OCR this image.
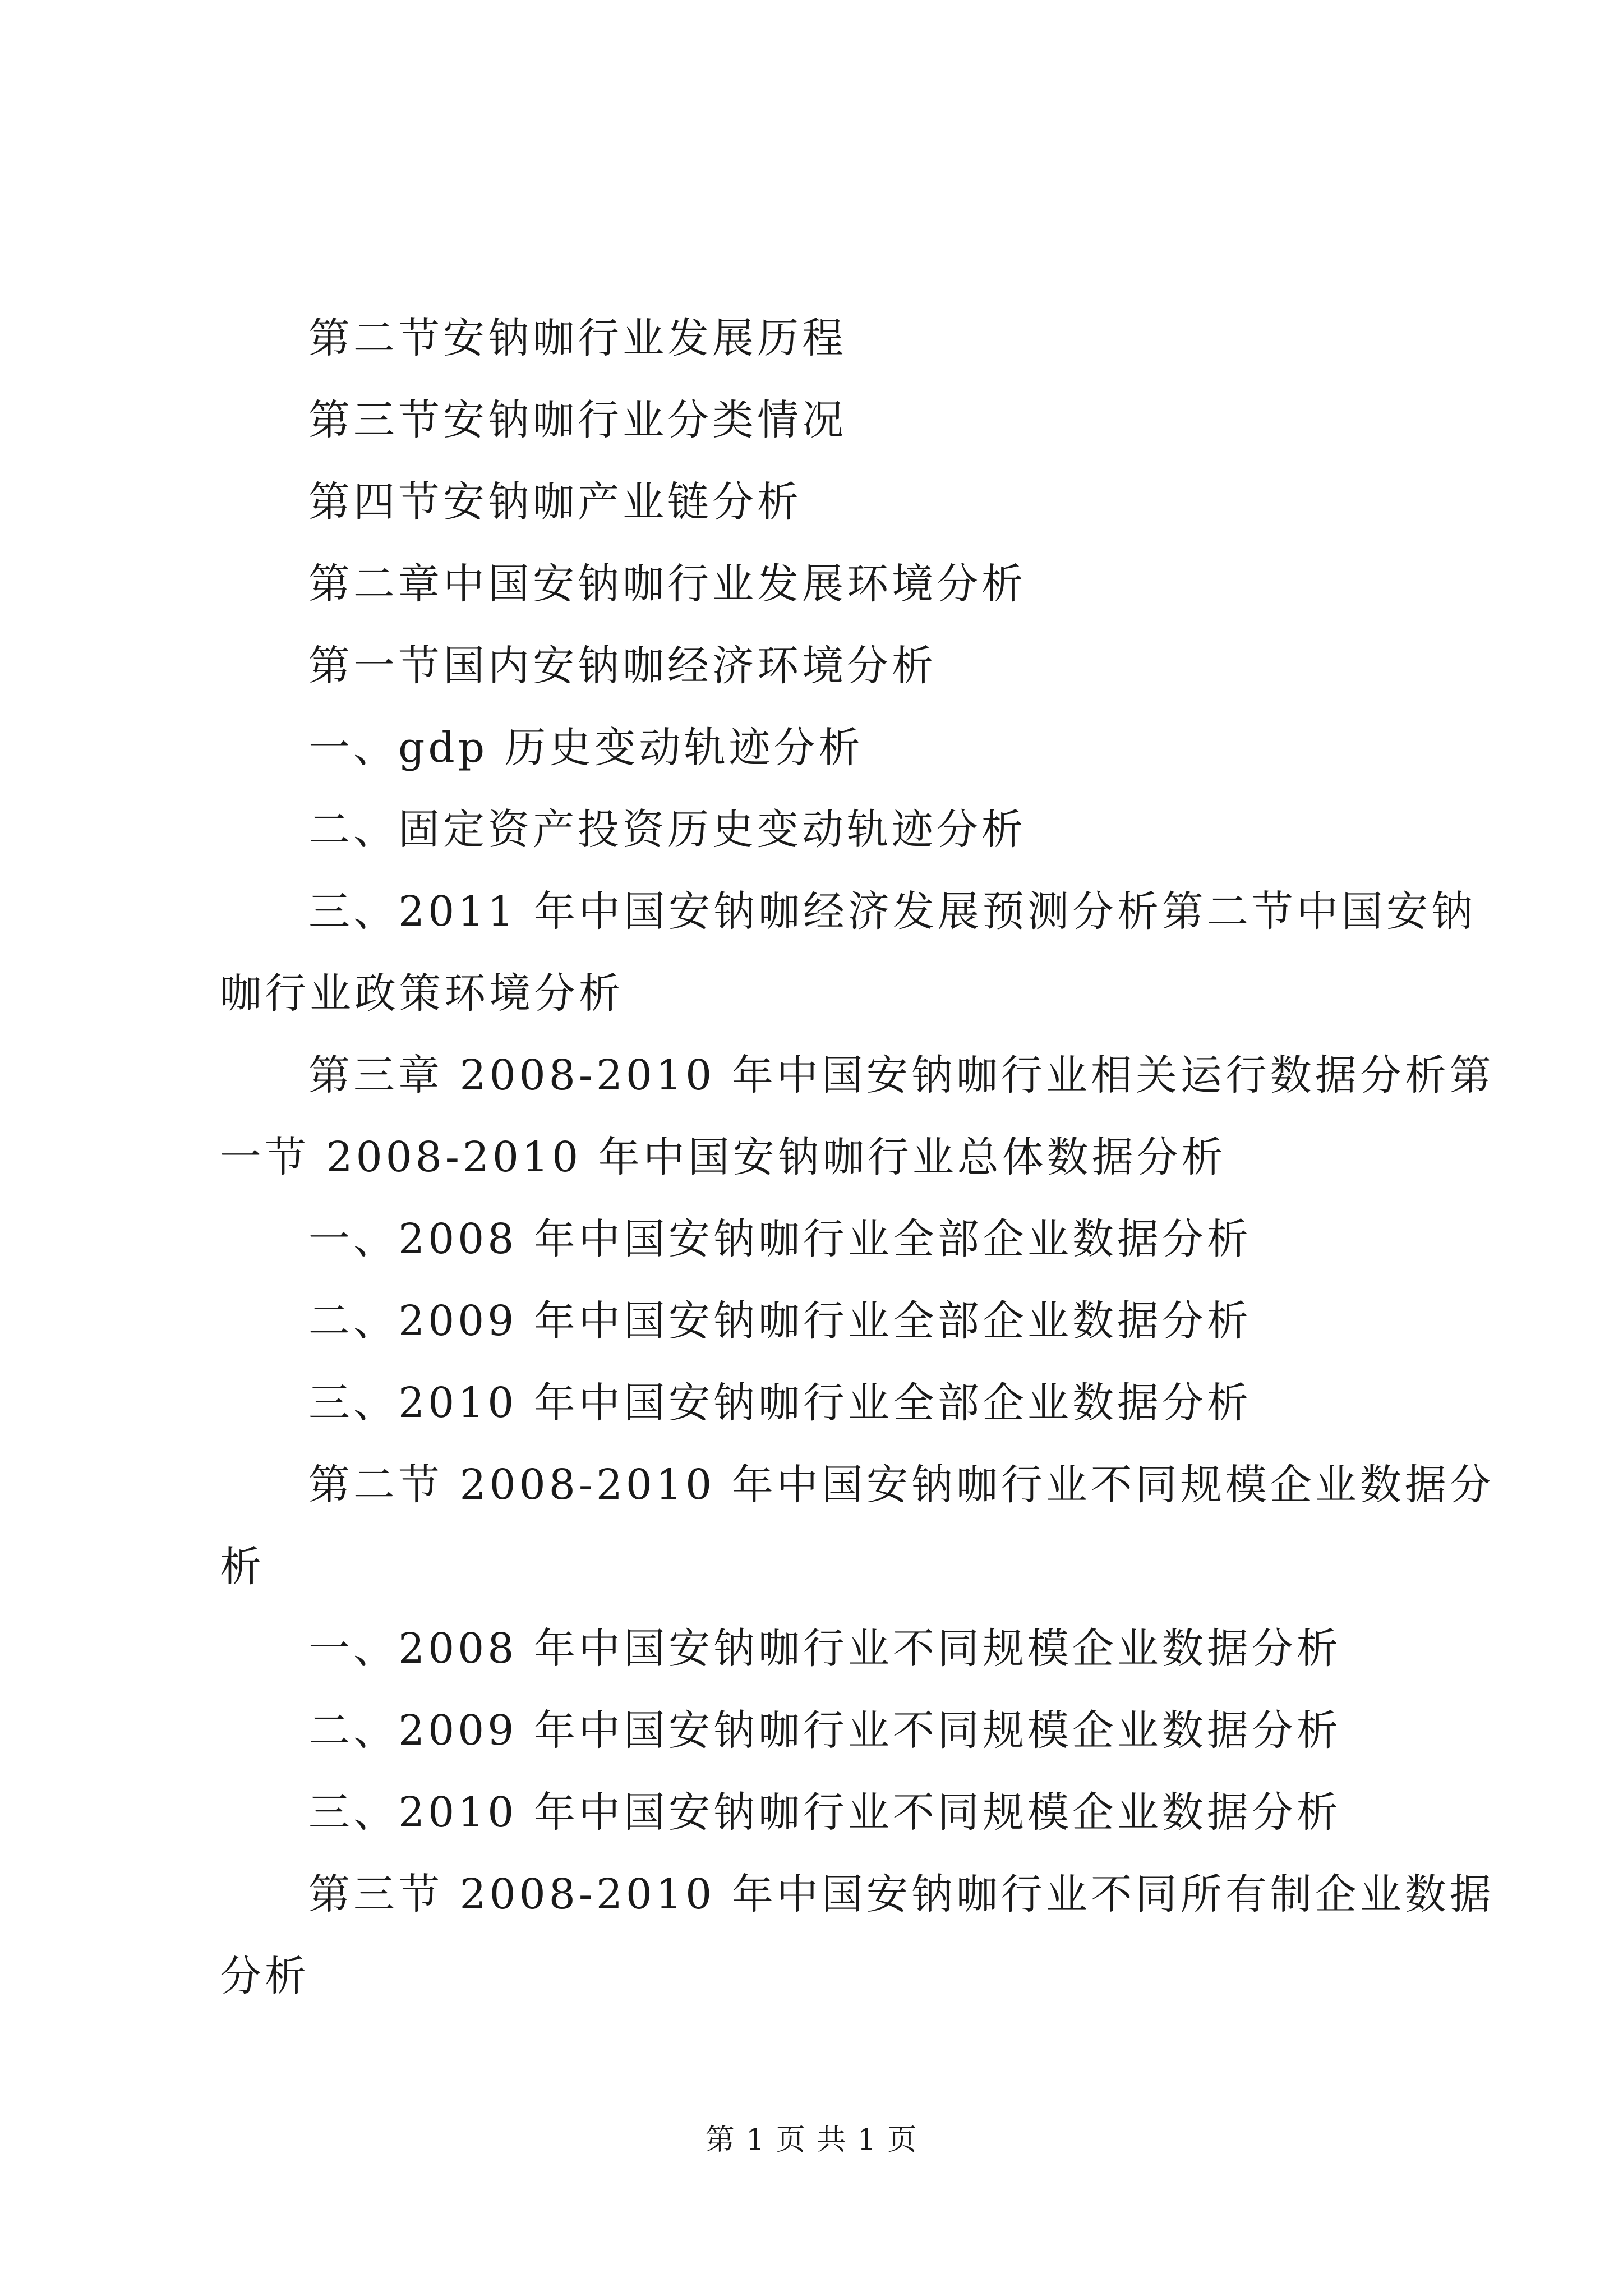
第二节安钠咖行业发展历程
第三节安钠咖行业分类情况
第四节安钠咖产业链分析
第二章中国安钠咖行业发展环境分析
第一节国内安钠咖经济环境分析
一、gdp 历史变动轨迹分析
二、固定资产投资历史变动轨迹分析
三、2011 年中国安钠咖经济发展预测分析第二节中国安钠
咖行业政策环境分析
第三章 2008-2010 年中国安钠咖行业相关运行数据分析第
一节 2008-2010 年中国安钠咖行业总体数据分析
一、2008 年中国安钠咖行业全部企业数据分析
二、2009 年中国安钠咖行业全部企业数据分析
三、2010 年中国安钠咖行业全部企业数据分析
第二节 2008-2010 年中国安钠咖行业不同规模企业数据分
析
一、2008 年中国安钠咖行业不同规模企业数据分析
二、2009 年中国安钠咖行业不同规模企业数据分析
三、2010 年中国安钠咖行业不同规模企业数据分析
第三节 2008-2010 年中国安钠咖行业不同所有制企业数据
分析
第 1 页 共 1 页
